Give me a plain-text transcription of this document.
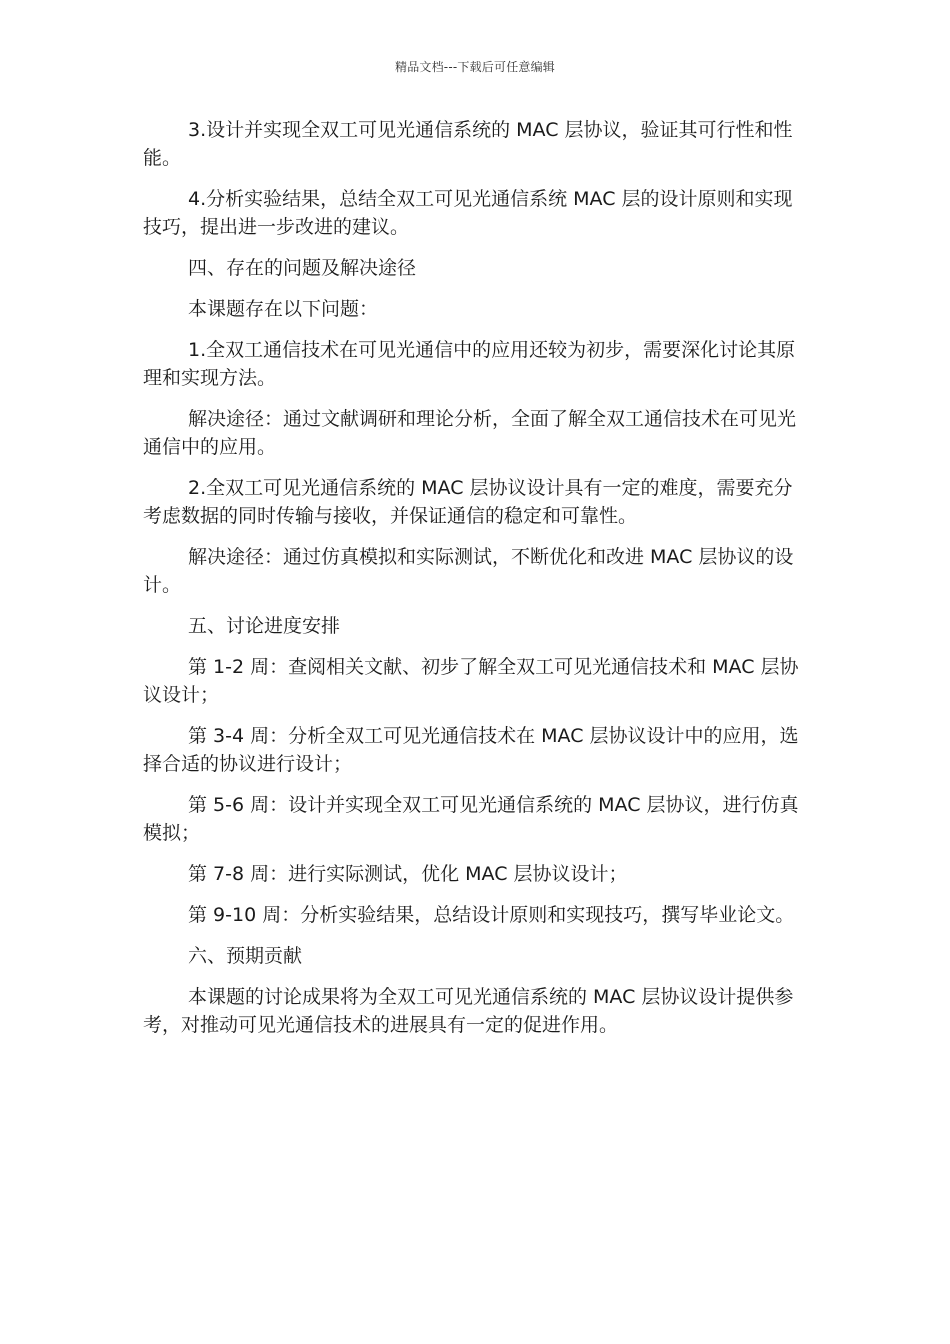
精品文档---下载后可任意编辑

3.设计并实现全双工可见光通信系统的 MAC 层协议，验证其可行性和性能。

4.分析实验结果，总结全双工可见光通信系统 MAC 层的设计原则和实现技巧，提出进一步改进的建议。

四、存在的问题及解决途径

本课题存在以下问题：

1.全双工通信技术在可见光通信中的应用还较为初步，需要深化讨论其原理和实现方法。

解决途径：通过文献调研和理论分析，全面了解全双工通信技术在可见光通信中的应用。

2.全双工可见光通信系统的 MAC 层协议设计具有一定的难度，需要充分考虑数据的同时传输与接收，并保证通信的稳定和可靠性。

解决途径：通过仿真模拟和实际测试，不断优化和改进 MAC 层协议的设计。

五、讨论进度安排

第 1-2 周：查阅相关文献、初步了解全双工可见光通信技术和 MAC 层协议设计；

第 3-4 周：分析全双工可见光通信技术在 MAC 层协议设计中的应用，选择合适的协议进行设计；

第 5-6 周：设计并实现全双工可见光通信系统的 MAC 层协议，进行仿真模拟；

第 7-8 周：进行实际测试，优化 MAC 层协议设计；

第 9-10 周：分析实验结果，总结设计原则和实现技巧，撰写毕业论文。

六、预期贡献

本课题的讨论成果将为全双工可见光通信系统的 MAC 层协议设计提供参考，对推动可见光通信技术的进展具有一定的促进作用。
